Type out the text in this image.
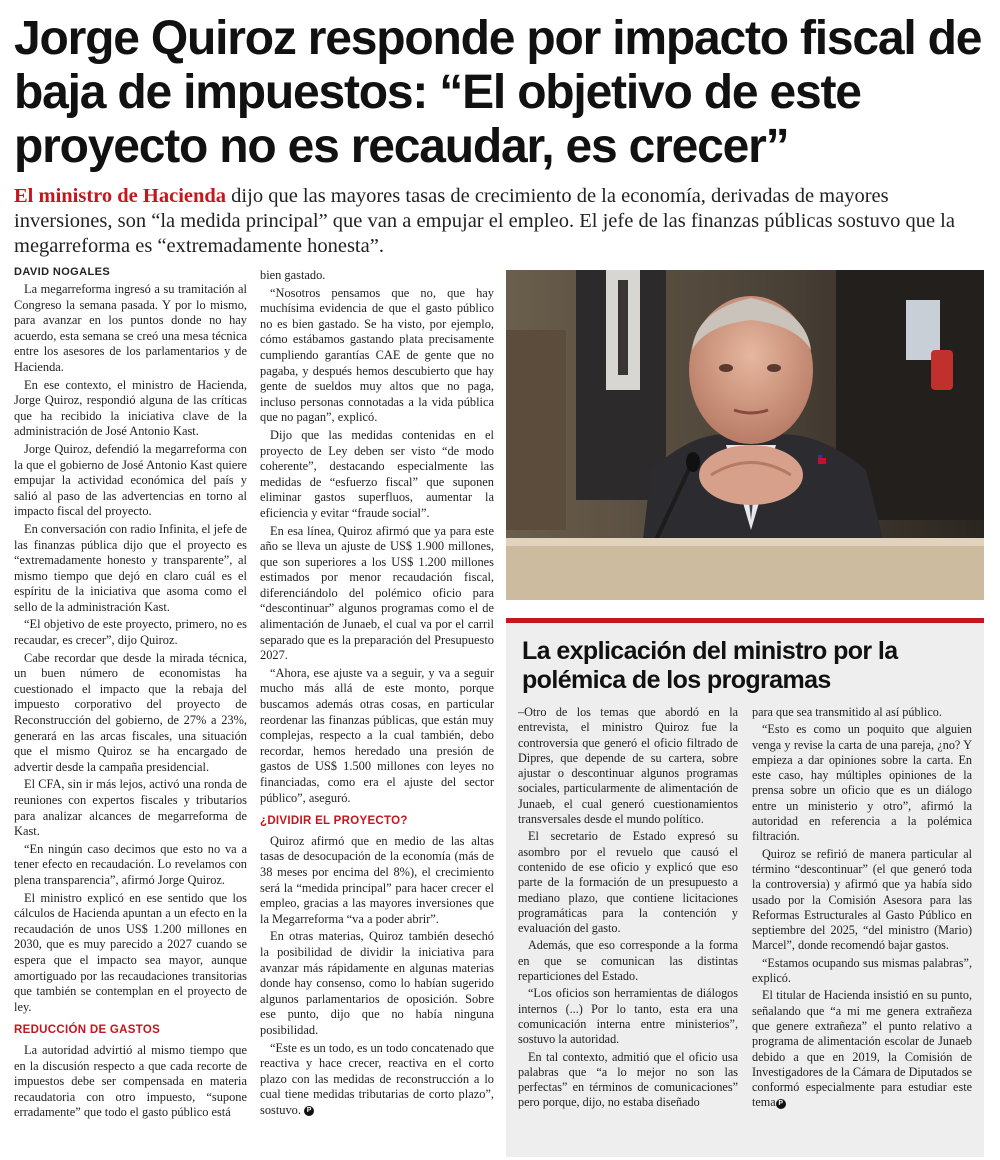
Jorge Quiroz responde por impacto fiscal de baja de impuestos: “El objetivo de este proyecto no es recaudar, es crecer”

El ministro de Hacienda dijo que las mayores tasas de crecimiento de la economía, derivadas de mayores inversiones, son “la medida principal” que van a empujar el empleo. El jefe de las finanzas públicas sostuvo que la megarreforma es “extremadamente honesta”.

DAVID NOGALES

La megarreforma ingresó a su tramitación al Congreso la semana pasada. Y por lo mismo, para avanzar en los puntos donde no hay acuerdo, esta semana se creó una mesa técnica entre los asesores de los parlamentarios y de Hacienda.

En ese contexto, el ministro de Hacienda, Jorge Quiroz, respondió alguna de las críticas que ha recibido la iniciativa clave de la administración de José Antonio Kast.

Jorge Quiroz, defendió la megarreforma con la que el gobierno de José Antonio Kast quiere empujar la actividad económica del país y salió al paso de las advertencias en torno al impacto fiscal del proyecto.

En conversación con radio Infinita, el jefe de las finanzas pública dijo que el proyecto es “extremadamente honesto y transparente”, al mismo tiempo que dejó en claro cuál es el espíritu de la iniciativa que asoma como el sello de la administración Kast.

“El objetivo de este proyecto, primero, no es recaudar, es crecer”, dijo Quiroz.

Cabe recordar que desde la mirada técnica, un buen número de economistas ha cuestionado el impacto que la rebaja del impuesto corporativo del proyecto de Reconstrucción del gobierno, de 27% a 23%, generará en las arcas fiscales, una situación que el mismo Quiroz se ha encargado de advertir desde la campaña presidencial.

El CFA, sin ir más lejos, activó una ronda de reuniones con expertos fiscales y tributarios para analizar alcances de megarreforma de Kast.

“En ningún caso decimos que esto no va a tener efecto en recaudación. Lo revelamos con plena transparencia”, afirmó Jorge Quiroz.

El ministro explicó en ese sentido que los cálculos de Hacienda apuntan a un efecto en la recaudación de unos US$ 1.200 millones en 2030, que es muy parecido a 2027 cuando se espera que el impacto sea mayor, aunque amortiguado por las recaudaciones transitorias que también se contemplan en el proyecto de ley.

REDUCCIÓN DE GASTOS

La autoridad advirtió al mismo tiempo que en la discusión respecto a que cada recorte de impuestos debe ser compensada en materia recaudatoria con otro impuesto, “supone erradamente” que todo el gasto público está

bien gastado.

“Nosotros pensamos que no, que hay muchísima evidencia de que el gasto público no es bien gastado. Se ha visto, por ejemplo, cómo estábamos gastando plata precisamente cumpliendo garantías CAE de gente que no pagaba, y después hemos descubierto que hay gente de sueldos muy altos que no paga, incluso personas connotadas a la vida pública que no pagan”, explicó.

Dijo que las medidas contenidas en el proyecto de Ley deben ser visto “de modo coherente”, destacando especialmente las medidas de “esfuerzo fiscal” que suponen eliminar gastos superfluos, aumentar la eficiencia y evitar “fraude social”.

En esa línea, Quiroz afirmó que ya para este año se lleva un ajuste de US$ 1.900 millones, que son superiores a los US$ 1.200 millones estimados por menor recaudación fiscal, diferenciándolo del polémico oficio para “descontinuar” algunos programas como el de alimentación de Junaeb, el cual va por el carril separado que es la preparación del Presupuesto 2027.

“Ahora, ese ajuste va a seguir, y va a seguir mucho más allá de este monto, porque buscamos además otras cosas, en particular reordenar las finanzas públicas, que están muy complejas, respecto a la cual también, debo recordar, hemos heredado una presión de gastos de US$ 1.500 millones con leyes no financiadas, como era el ajuste del sector público”, aseguró.

¿DIVIDIR EL PROYECTO?

Quiroz afirmó que en medio de las altas tasas de desocupación de la economía (más de 38 meses por encima del 8%), el crecimiento será la “medida principal” para hacer crecer el empleo, gracias a las mayores inversiones que la Megarreforma “va a poder abrir”.

En otras materias, Quiroz también desechó la posibilidad de dividir la iniciativa para avanzar más rápidamente en algunas materias donde hay consenso, como lo habían sugerido algunos parlamentarios de oposición. Sobre ese punto, dijo que no había ninguna posibilidad.

“Este es un todo, es un todo concatenado que reactiva y hace crecer, reactiva en el corto plazo con las medidas de reconstrucción a lo cual tiene medidas tributarias de corto plazo”, sostuvo. P

La explicación del ministro por la polémica de los programas

–Otro de los temas que abordó en la entrevista, el ministro Quiroz fue la controversia que generó el oficio filtrado de Dipres, que depende de su cartera, sobre ajustar o descontinuar algunos programas sociales, particularmente de alimentación de Junaeb, el cual generó cuestionamientos transversales desde el mundo político.

El secretario de Estado expresó su asombro por el revuelo que causó el contenido de ese oficio y explicó que eso parte de la formación de un presupuesto a mediano plazo, que contiene licitaciones programáticas para la contención y evaluación del gasto.

Además, que eso corresponde a la forma en que se comunican las distintas reparticiones del Estado.

“Los oficios son herramientas de diálogos internos (...) Por lo tanto, esta era una comunicación interna entre ministerios”, sostuvo la autoridad.

En tal contexto, admitió que el oficio usa palabras que “a lo mejor no son las perfectas” en términos de comunicaciones” pero porque, dijo, no estaba diseñado

para que sea transmitido al así público.

“Esto es como un poquito que alguien venga y revise la carta de una pareja, ¿no? Y empieza a dar opiniones sobre la carta. En este caso, hay múltiples opiniones de la prensa sobre un oficio que es un diálogo entre un ministerio y otro”, afirmó la autoridad en referencia a la polémica filtración.

Quiroz se refirió de manera particular al término “descontinuar” (el que generó toda la controversia) y afirmó que ya había sido usado por la Comisión Asesora para las Reformas Estructurales al Gasto Público en septiembre del 2025, “del ministro (Mario) Marcel”, donde recomendó bajar gastos.

“Estamos ocupando sus mismas palabras”, explicó.

El titular de Hacienda insistió en su punto, señalando que “a mi me genera extrañeza que genere extrañeza” el punto relativo a programa de alimentación escolar de Junaeb debido a que en 2019, la Comisión de Investigadores de la Cámara de Diputados se conformó especialmente para estudiar este tema P
